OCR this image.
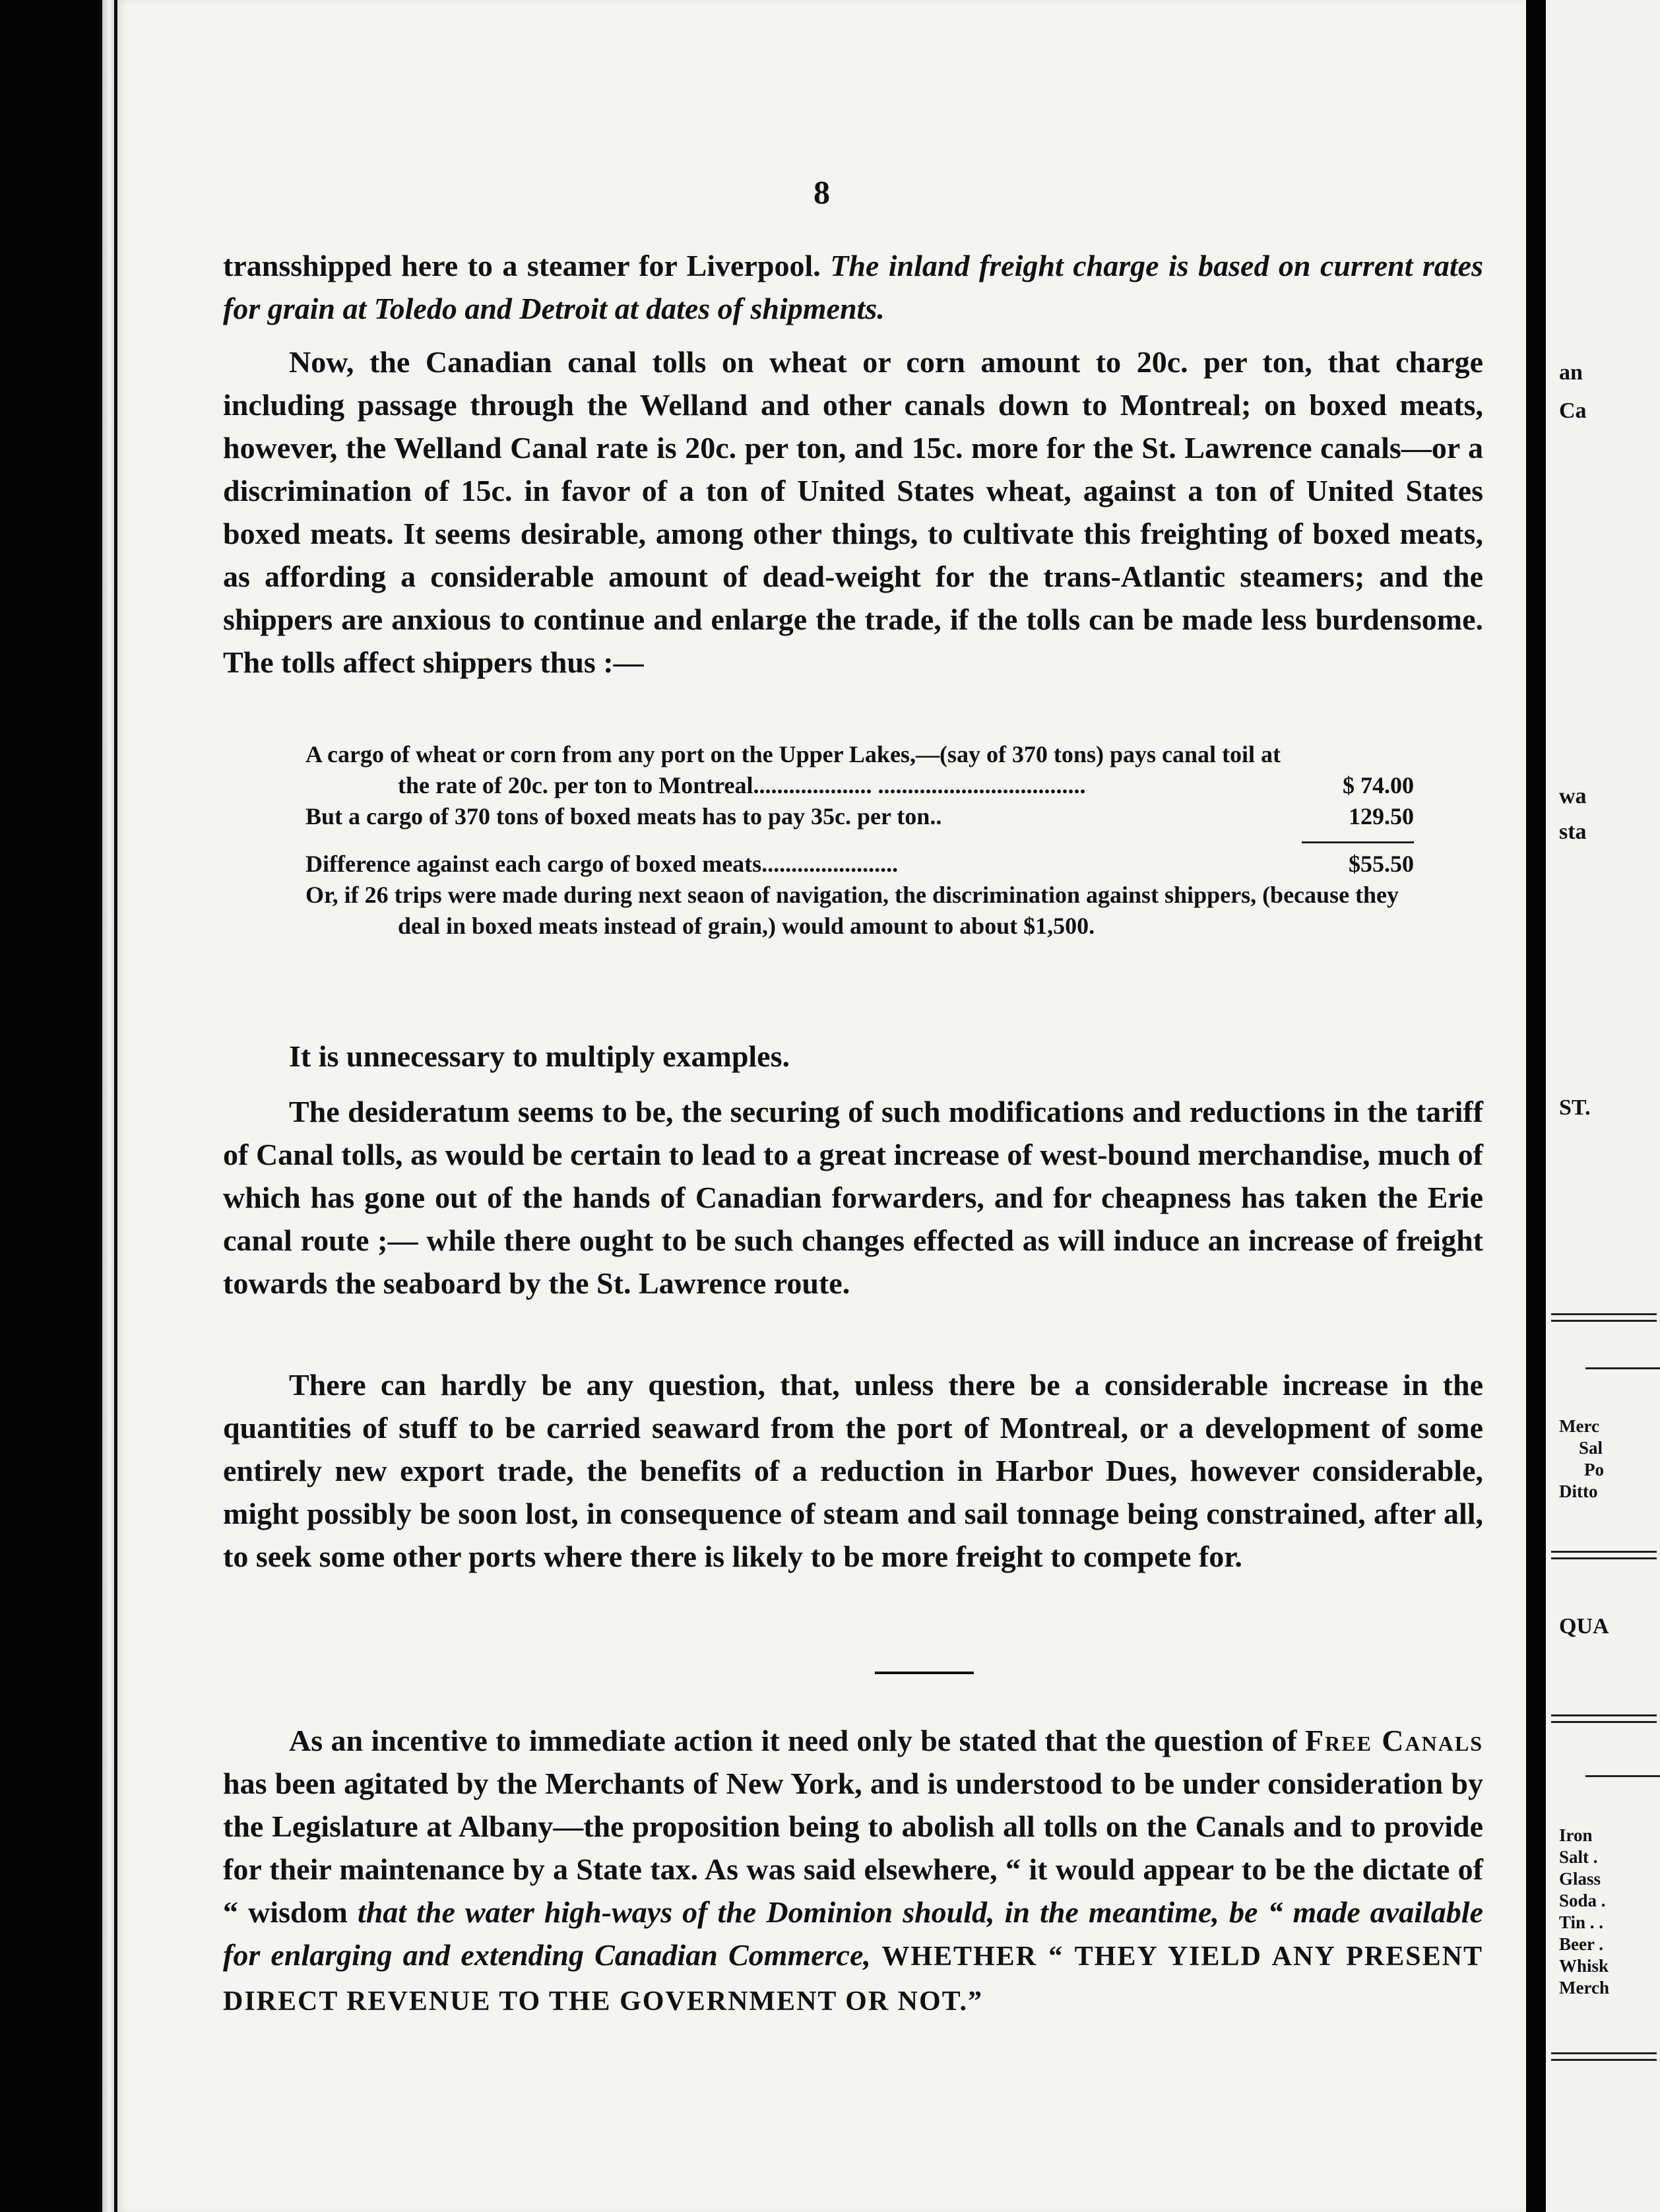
8

transshipped here to a steamer for Liverpool. The inland freight charge is based on current rates for grain at Toledo and Detroit at dates of shipments.

Now, the Canadian canal tolls on wheat or corn amount to 20c. per ton, that charge including passage through the Welland and other canals down to Montreal; on boxed meats, however, the Welland Canal rate is 20c. per ton, and 15c. more for the St. Lawrence canals—or a discrimination of 15c. in favor of a ton of United States wheat, against a ton of United States boxed meats. It seems desirable, among other things, to cultivate this freighting of boxed meats, as affording a considerable amount of dead-weight for the trans-Atlantic steamers; and the shippers are anxious to continue and enlarge the trade, if the tolls can be made less burdensome. The tolls affect shippers thus :—

A cargo of wheat or corn from any port on the Upper Lakes,—(say of 370 tons) pays canal toil at the rate of 20c. per ton to Montreal.................... ...................................	$ 74.00
But a cargo of 370 tons of boxed meats has to pay 35c. per ton..	129.50
Difference against each cargo of boxed meats.......................	$55.50
Or, if 26 trips were made during next seaon of navigation, the discrimination against shippers, (because they deal in boxed meats instead of grain,) would amount to about $1,500.

It is unnecessary to multiply examples.

The desideratum seems to be, the securing of such modifications and reductions in the tariff of Canal tolls, as would be certain to lead to a great increase of west-bound merchandise, much of which has gone out of the hands of Canadian forwarders, and for cheapness has taken the Erie canal route ;— while there ought to be such changes effected as will induce an increase of freight towards the seaboard by the St. Lawrence route.

There can hardly be any question, that, unless there be a considerable increase in the quantities of stuff to be carried seaward from the port of Montreal, or a development of some entirely new export trade, the benefits of a reduction in Harbor Dues, however considerable, might possibly be soon lost, in consequence of steam and sail tonnage being constrained, after all, to seek some other ports where there is likely to be more freight to compete for.

As an incentive to immediate action it need only be stated that the question of Free Canals has been agitated by the Merchants of New York, and is understood to be under consideration by the Legislature at Albany—the proposition being to abolish all tolls on the Canals and to provide for their maintenance by a State tax. As was said elsewhere, “ it would appear to be the dictate of “ wisdom that the water high-ways of the Dominion should, in the meantime, be “ made available for enlarging and extending Canadian Commerce, WHETHER “ THEY YIELD ANY PRESENT DIRECT REVENUE TO THE GOVERNMENT OR NOT.”

an
Ca
wa
sta
ST.
Merc
Sal
Po
Ditto
QUA
Iron
Salt .
Glass
Soda .
Tin . .
Beer .
Whisk
Merch
